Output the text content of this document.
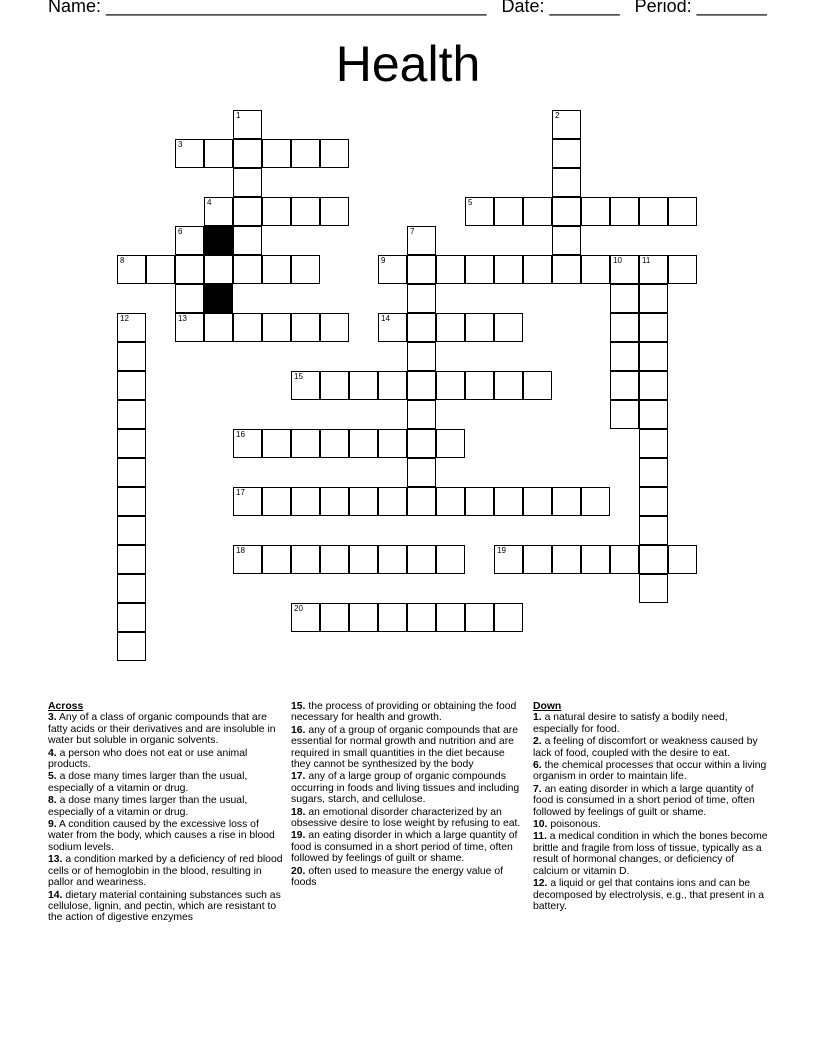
Name: ______________________________________ Date: _______ Period: _______
Health
1	2
3
4	5
6	7
8	9	10	11
12	13	14
15
16
17
18	19
20
Across
3. Any of a class of organic compounds that are fatty acids or their derivatives and are insoluble in water but soluble in organic solvents.
4. a person who does not eat or use animal products.
5. a dose many times larger than the usual, especially of a vitamin or drug.
8. a dose many times larger than the usual, especially of a vitamin or drug.
9. A condition caused by the excessive loss of water from the body, which causes a rise in blood sodium levels.
13. a condition marked by a deficiency of red blood cells or of hemoglobin in the blood, resulting in pallor and weariness.
14. dietary material containing substances such as cellulose, lignin, and pectin, which are resistant to the action of digestive enzymes
15. the process of providing or obtaining the food necessary for health and growth.
16. any of a group of organic compounds that are essential for normal growth and nutrition and are required in small quantities in the diet because they cannot be synthesized by the body
17. any of a large group of organic compounds occurring in foods and living tissues and including sugars, starch, and cellulose.
18. an emotional disorder characterized by an obsessive desire to lose weight by refusing to eat.
19. an eating disorder in which a large quantity of food is consumed in a short period of time, often followed by feelings of guilt or shame.
20. often used to measure the energy value of foods
Down
1. a natural desire to satisfy a bodily need, especially for food.
2. a feeling of discomfort or weakness caused by lack of food, coupled with the desire to eat.
6. the chemical processes that occur within a living organism in order to maintain life.
7. an eating disorder in which a large quantity of food is consumed in a short period of time, often followed by feelings of guilt or shame.
10. poisonous.
11. a medical condition in which the bones become brittle and fragile from loss of tissue, typically as a result of hormonal changes, or deficiency of calcium or vitamin D.
12. a liquid or gel that contains ions and can be decomposed by electrolysis, e.g., that present in a battery.
